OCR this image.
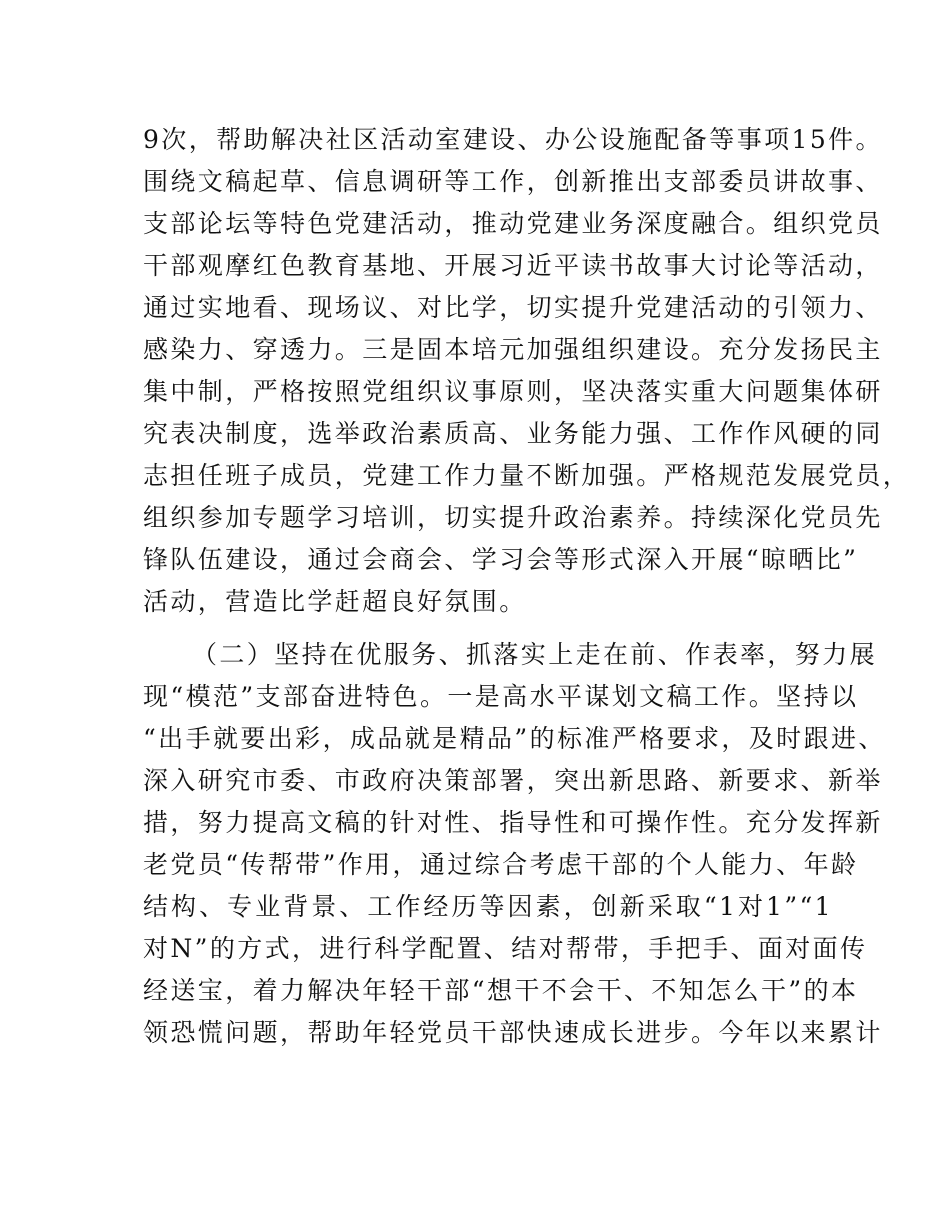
9次，帮助解决社区活动室建设、办公设施配备等事项15件。
围绕文稿起草、信息调研等工作，创新推出支部委员讲故事、
支部论坛等特色党建活动，推动党建业务深度融合。组织党员
干部观摩红色教育基地、开展习近平读书故事大讨论等活动，
通过实地看、现场议、对比学，切实提升党建活动的引领力、
感染力、穿透力。三是固本培元加强组织建设。充分发扬民主
集中制，严格按照党组织议事原则，坚决落实重大问题集体研
究表决制度，选举政治素质高、业务能力强、工作作风硬的同
志担任班子成员，党建工作力量不断加强。严格规范发展党员，
组织参加专题学习培训，切实提升政治素养。持续深化党员先
锋队伍建设，通过会商会、学习会等形式深入开展“晾晒比”
活动，营造比学赶超良好氛围。
（二）坚持在优服务、抓落实上走在前、作表率，努力展
现“模范”支部奋进特色。一是高水平谋划文稿工作。坚持以
“出手就要出彩，成品就是精品”的标准严格要求，及时跟进、
深入研究市委、市政府决策部署，突出新思路、新要求、新举
措，努力提高文稿的针对性、指导性和可操作性。充分发挥新
老党员“传帮带”作用，通过综合考虑干部的个人能力、年龄
结构、专业背景、工作经历等因素，创新采取“1对1”“1
对N”的方式，进行科学配置、结对帮带，手把手、面对面传
经送宝，着力解决年轻干部“想干不会干、不知怎么干”的本
领恐慌问题，帮助年轻党员干部快速成长进步。今年以来累计
